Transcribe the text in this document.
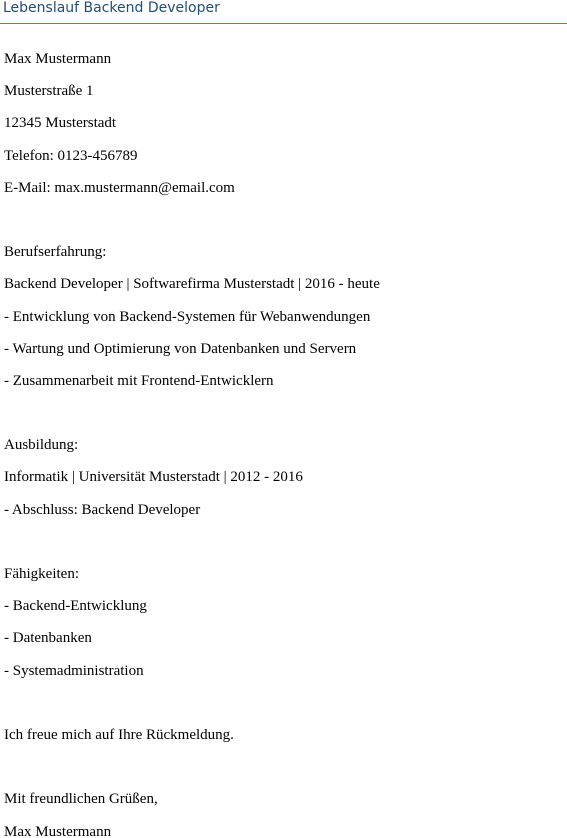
Lebenslauf Backend Developer
Max Mustermann
Musterstraße 1
12345 Musterstadt
Telefon: 0123-456789
E-Mail: max.mustermann@email.com
Berufserfahrung:
Backend Developer | Softwarefirma Musterstadt | 2016 - heute
- Entwicklung von Backend-Systemen für Webanwendungen
- Wartung und Optimierung von Datenbanken und Servern
- Zusammenarbeit mit Frontend-Entwicklern
Ausbildung:
Informatik | Universität Musterstadt | 2012 - 2016
- Abschluss: Backend Developer
Fähigkeiten:
- Backend-Entwicklung
- Datenbanken
- Systemadministration
Ich freue mich auf Ihre Rückmeldung.
Mit freundlichen Grüßen,
Max Mustermann
